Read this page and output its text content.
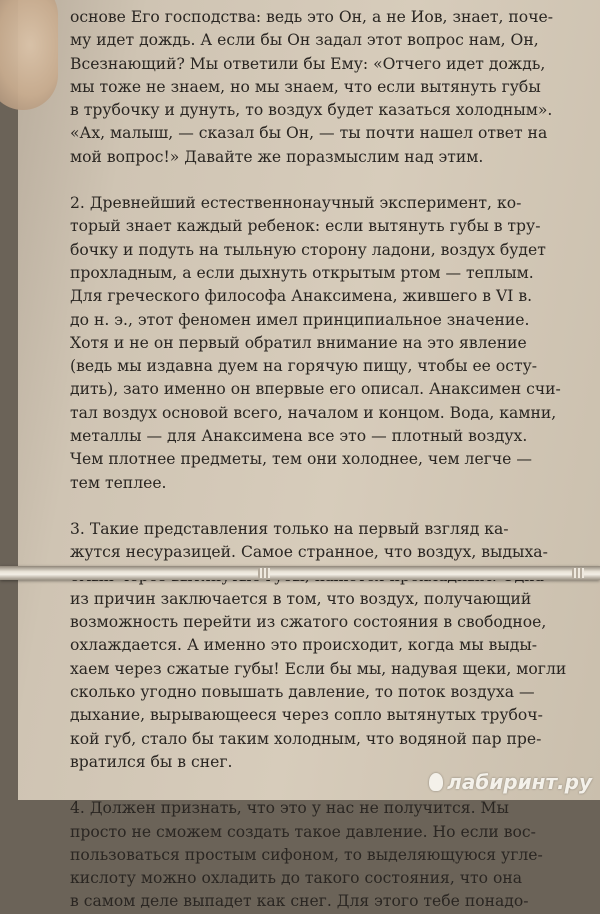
основе Его господства: ведь это Он, а не Иов, знает, поче-
му идет дождь. А если бы Он задал этот вопрос нам, Он,
Всезнающий? Мы ответили бы Ему: «Отчего идет дождь,
мы тоже не знаем, но мы знаем, что если вытянуть губы
в трубочку и дунуть, то воздух будет казаться холодным».
«Ах, малыш, — сказал бы Он, — ты почти нашел ответ на
мой вопрос!» Давайте же поразмыслим над этим.
2. Древнейший естественнонаучный эксперимент, ко-
торый знает каждый ребенок: если вытянуть губы в тру-
бочку и подуть на тыльную сторону ладони, воздух будет
прохладным, а если дыхнуть открытым ртом — теплым.
Для греческого философа Анаксимена, жившего в VI в.
до н. э., этот феномен имел принципиальное значение.
Хотя и не он первый обратил внимание на это явление
(ведь мы издавна дуем на горячую пищу, чтобы ее осту-
дить), зато именно он впервые его описал. Анаксимен счи-
тал воздух основой всего, началом и концом. Вода, камни,
металлы — для Анаксимена все это — плотный воздух.
Чем плотнее предметы, тем они холоднее, чем легче —
тем теплее.
3. Такие представления только на первый взгляд ка-
жутся несуразицей. Самое странное, что воздух, выдыха-
из причин заключается в том, что воздух, получающий
возможность перейти из сжатого состояния в свободное,
охлаждается. А именно это происходит, когда мы выды-
хаем через сжатые губы! Если бы мы, надувая щеки, могли
сколько угодно повышать давление, то поток воздуха —
дыхание, вырывающееся через сопло вытянутых трубоч-
кой губ, стало бы таким холодным, что водяной пар пре-
вратился бы в снег.
4. Должен признать, что это у нас не получится. Мы
просто не сможем создать такое давление. Но если вос-
пользоваться простым сифоном, то выделяющуюся угле-
кислоту можно охладить до такого состояния, что она
в самом деле выпадет как снег. Для этого тебе понадо-
лабиринт.ру
